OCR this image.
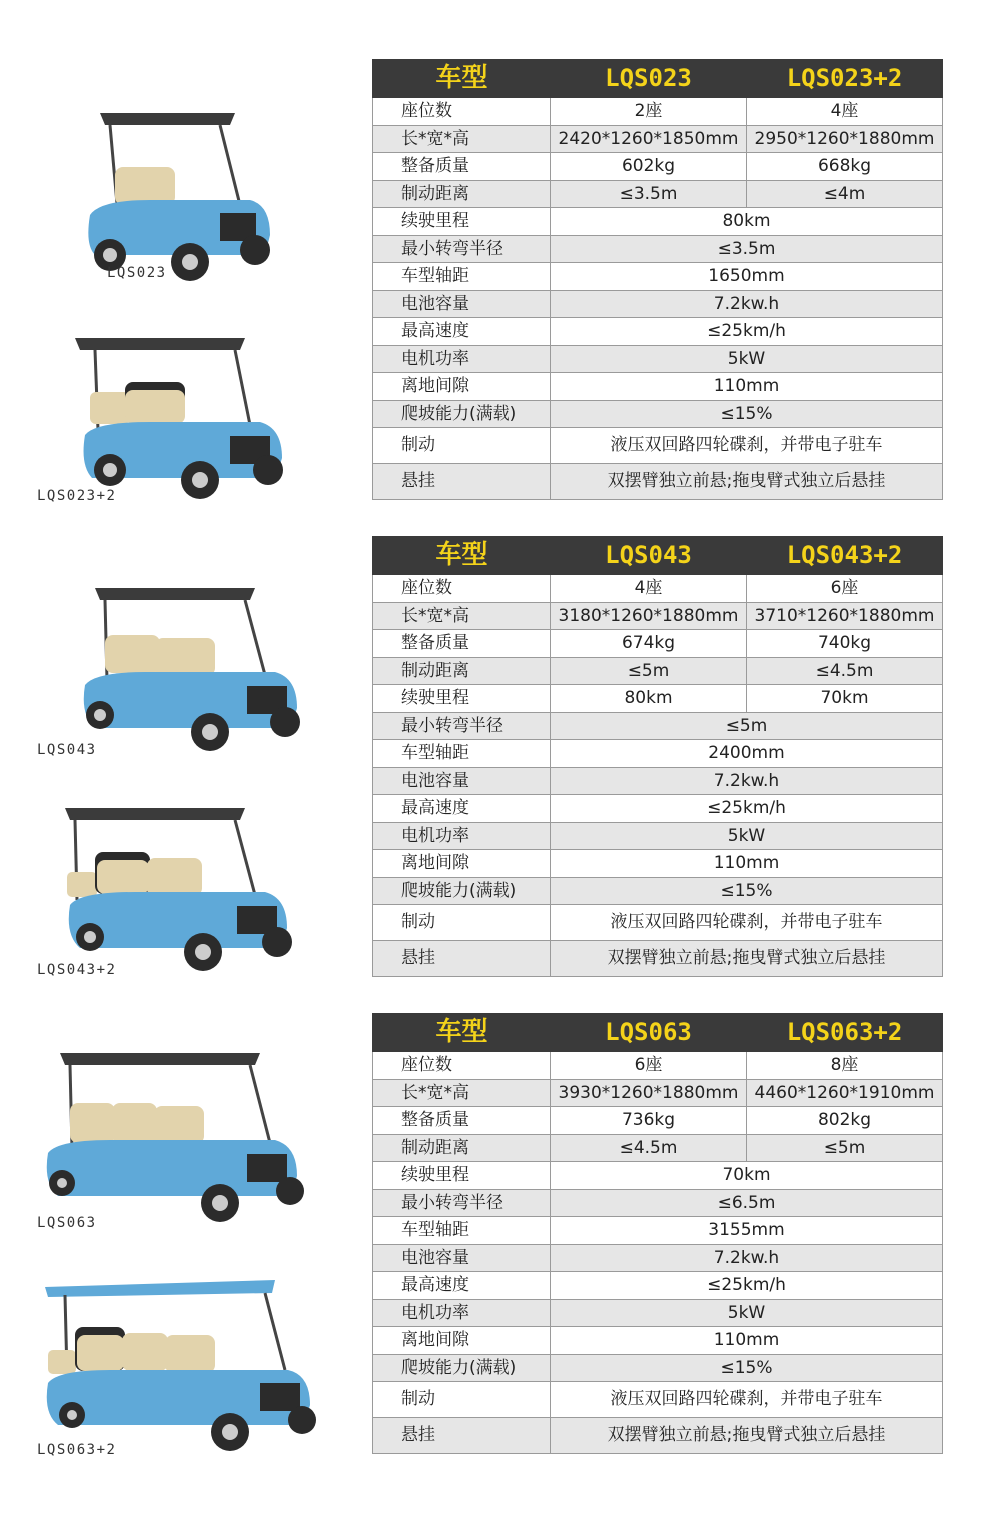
LQS023
LQS023+2
车型	LQS023	LQS023+2
座位数	2座	4座
长*宽*高	2420*1260*1850mm	2950*1260*1880mm
整备质量	602kg	668kg
制动距离	≤3.5m	≤4m
续驶里程	80km	
最小转弯半径	≤3.5m	
车型轴距	1650mm	
电池容量	7.2kw.h	
最高速度	≤25km/h	
电机功率	5kW	
离地间隙	110mm	
爬坡能力(满载)	≤15%	
制动	液压双回路四轮碟刹，并带电子驻车	
悬挂	双摆臂独立前悬;拖曳臂式独立后悬挂	
LQS043
LQS043+2
车型	LQS043	LQS043+2
座位数	4座	6座
长*宽*高	3180*1260*1880mm	3710*1260*1880mm
整备质量	674kg	740kg
制动距离	≤5m	≤4.5m
续驶里程	80km	70km
最小转弯半径	≤5m	
车型轴距	2400mm	
电池容量	7.2kw.h	
最高速度	≤25km/h	
电机功率	5kW	
离地间隙	110mm	
爬坡能力(满载)	≤15%	
制动	液压双回路四轮碟刹，并带电子驻车	
悬挂	双摆臂独立前悬;拖曳臂式独立后悬挂	
LQS063
LQS063+2
车型	LQS063	LQS063+2
座位数	6座	8座
长*宽*高	3930*1260*1880mm	4460*1260*1910mm
整备质量	736kg	802kg
制动距离	≤4.5m	≤5m
续驶里程	70km	
最小转弯半径	≤6.5m	
车型轴距	3155mm	
电池容量	7.2kw.h	
最高速度	≤25km/h	
电机功率	5kW	
离地间隙	110mm	
爬坡能力(满载)	≤15%	
制动	液压双回路四轮碟刹，并带电子驻车	
悬挂	双摆臂独立前悬;拖曳臂式独立后悬挂	
